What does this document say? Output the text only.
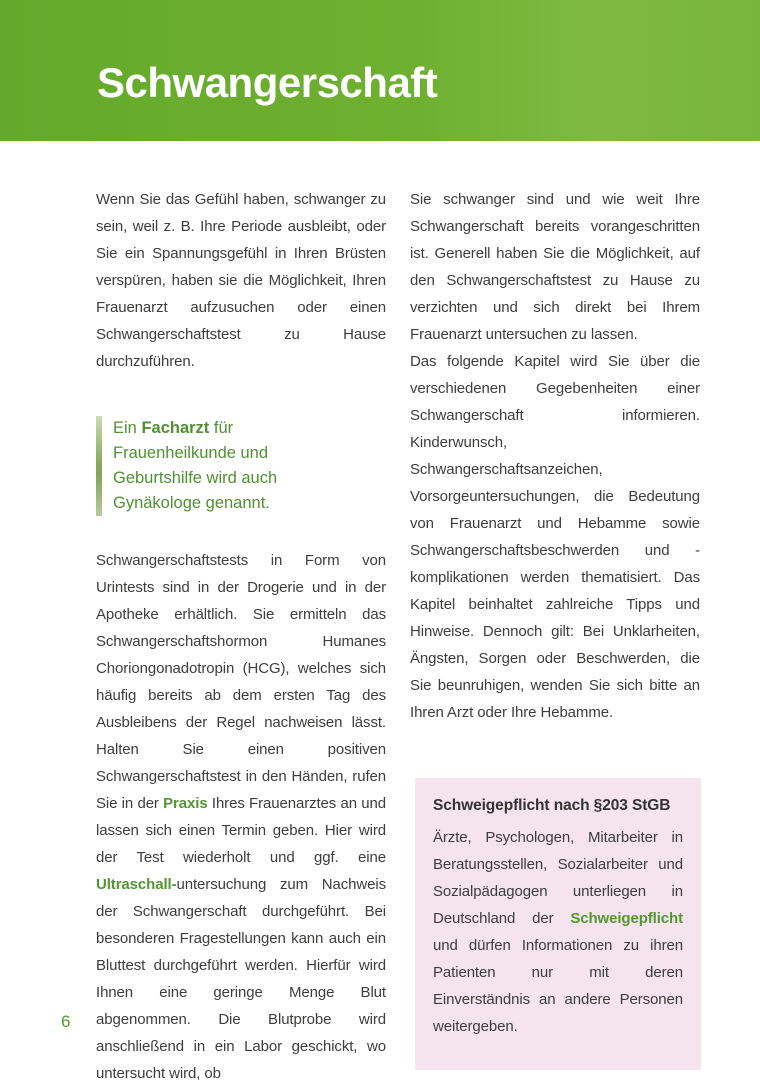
Schwangerschaft

Wenn Sie das Gefühl haben, schwanger zu sein, weil z. B. Ihre Periode ausbleibt, oder Sie ein Spannungsgefühl in Ihren Brüsten verspüren, haben sie die Möglichkeit, Ihren Frauenarzt aufzusuchen oder einen Schwangerschaftstest zu Hause durchzuführen.

Ein Facharzt für
Frauenheilkunde und
Geburtshilfe wird auch
Gynäkologe genannt.

Schwangerschaftstests in Form von Urintests sind in der Drogerie und in der Apotheke erhältlich. Sie ermitteln das Schwangerschaftshormon Humanes Choriongonadotropin (HCG), welches sich häufig bereits ab dem ersten Tag des Ausbleibens der Regel nachweisen lässt. Halten Sie einen positiven Schwangerschaftstest in den Händen, rufen Sie in der Praxis Ihres Frauenarztes an und lassen sich einen Termin geben. Hier wird der Test wiederholt und ggf. eine Ultraschall-untersuchung zum Nachweis der Schwangerschaft durchgeführt. Bei besonderen Fragestellungen kann auch ein Bluttest durchgeführt werden. Hierfür wird Ihnen eine geringe Menge Blut abgenommen. Die Blutprobe wird anschließend in ein Labor geschickt, wo untersucht wird, ob

Sie schwanger sind und wie weit Ihre Schwangerschaft bereits vorangeschritten ist. Generell haben Sie die Möglichkeit, auf den Schwangerschaftstest zu Hause zu verzichten und sich direkt bei Ihrem Frauenarzt untersuchen zu lassen.

Das folgende Kapitel wird Sie über die verschiedenen Gegebenheiten einer Schwangerschaft informieren. Kinderwunsch, Schwangerschaftsanzeichen, Vorsorgeuntersuchungen, die Bedeutung von Frauenarzt und Hebamme sowie Schwangerschaftsbeschwerden und -komplikationen werden thematisiert. Das Kapitel beinhaltet zahlreiche Tipps und Hinweise. Dennoch gilt: Bei Unklarheiten, Ängsten, Sorgen oder Beschwerden, die Sie beunruhigen, wenden Sie sich bitte an Ihren Arzt oder Ihre Hebamme.

Schweigepflicht nach §203 StGB

Ärzte, Psychologen, Mitarbeiter in Beratungsstellen, Sozialarbeiter und Sozialpädagogen unterliegen in Deutschland der Schweigepflicht und dürfen Informationen zu ihren Patienten nur mit deren Einverständnis an andere Personen weitergeben.

6
